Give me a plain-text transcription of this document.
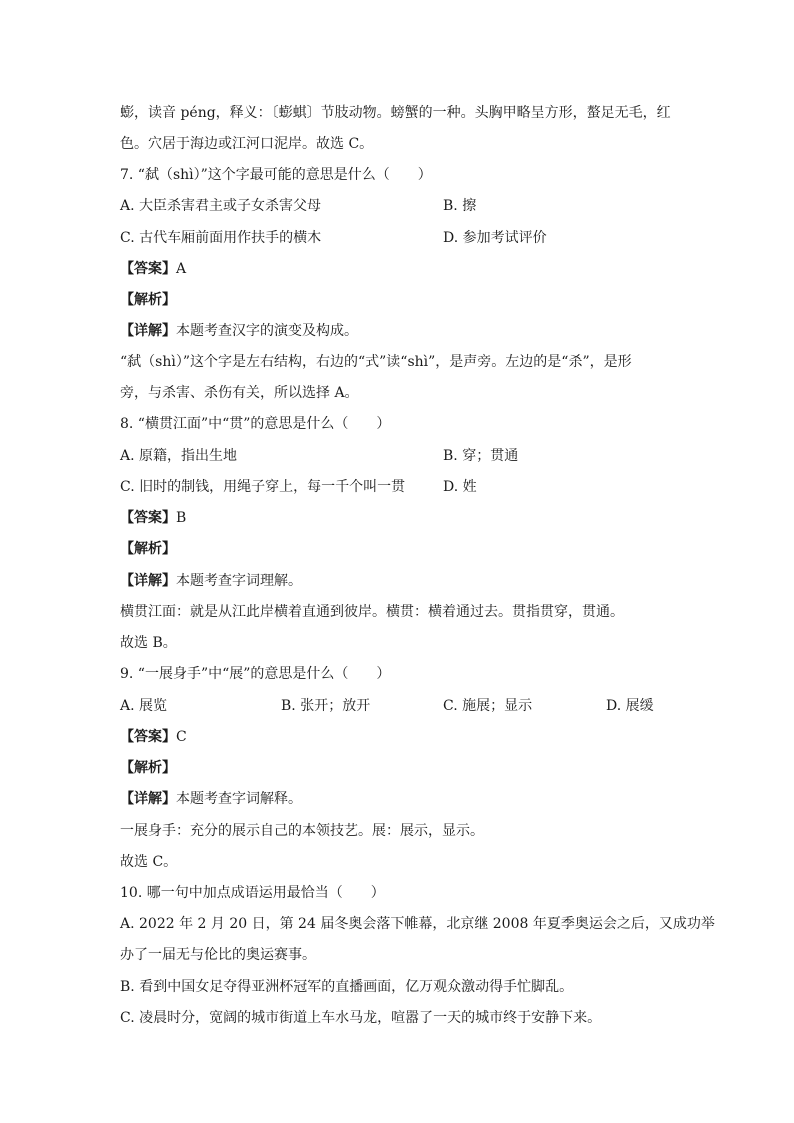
蟛，读音 péng，释义：〔蟛蜞〕节肢动物。螃蟹的一种。头胸甲略呈方形，螯足无毛，红
色。穴居于海边或江河口泥岸。故选 C。
7. “弑（shì）”这个字最可能的意思是什么（　　）
A. 大臣杀害君主或子女杀害父母	B. 擦
C. 古代车厢前面用作扶手的横木	D. 参加考试评价
【答案】A
【解析】
【详解】本题考查汉字的演变及构成。
“弑（shì）”这个字是左右结构，右边的“式”读“shì”，是声旁。左边的是“杀”，是形
旁，与杀害、杀伤有关，所以选择 A。
8. “横贯江面”中“贯”的意思是什么（　　）
A. 原籍，指出生地	B. 穿；贯通
C. 旧时的制钱，用绳子穿上，每一千个叫一贯	D. 姓
【答案】B
【解析】
【详解】本题考查字词理解。
横贯江面：就是从江此岸横着直通到彼岸。横贯：横着通过去。贯指贯穿，贯通。
故选 B。
9. “一展身手”中“展”的意思是什么（　　）
A. 展览	B. 张开；放开	C. 施展；显示	D. 展缓
【答案】C
【解析】
【详解】本题考查字词解释。
一展身手：充分的展示自己的本领技艺。展：展示，显示。
故选 C。
10. 哪一句中加点成语运用最恰当（　　）
A. 2022 年 2 月 20 日，第 24 届冬奥会落下帷幕，北京继 2008 年夏季奥运会之后，又成功举
办了一届无与伦比的奥运赛事。
B. 看到中国女足夺得亚洲杯冠军的直播画面，亿万观众激动得手忙脚乱。
C. 凌晨时分，宽阔的城市街道上车水马龙，喧嚣了一天的城市终于安静下来。
